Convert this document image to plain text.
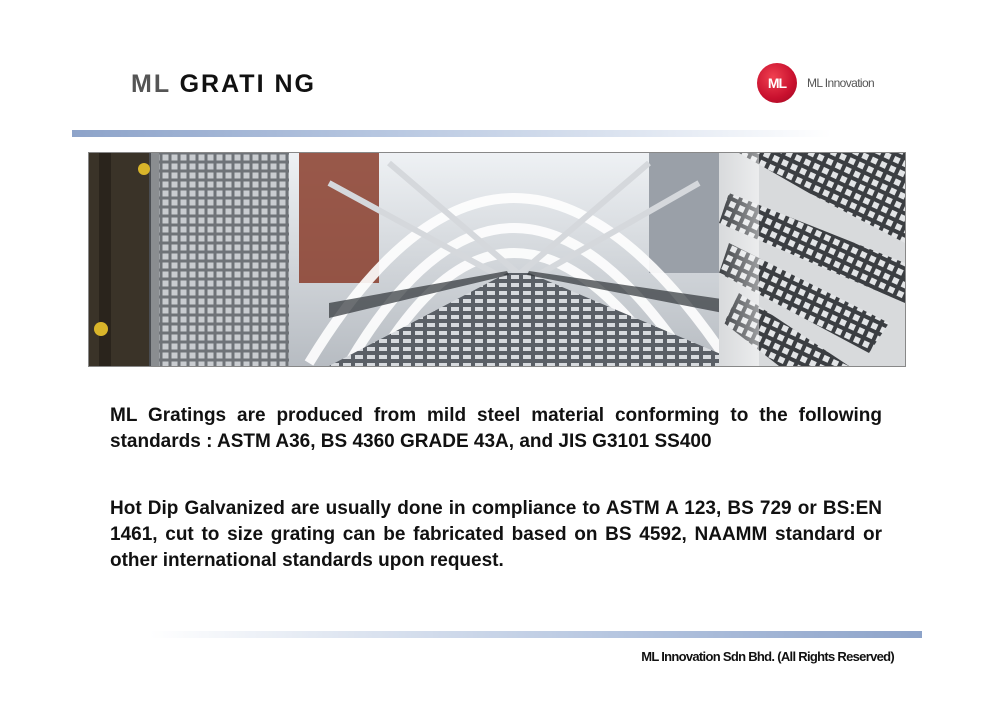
ML GRATI NG	ML	ML Innovation
ML Gratings are produced from mild steel material conforming to the following standards : ASTM A36, BS 4360 GRADE 43A, and JIS G3101 SS400
Hot Dip Galvanized are usually done in compliance to ASTM A 123, BS 729 or BS:EN 1461, cut to size grating can be fabricated based on BS 4592, NAAMM standard or other international standards upon request.
ML Innovation Sdn Bhd. (All Rights Reserved)
